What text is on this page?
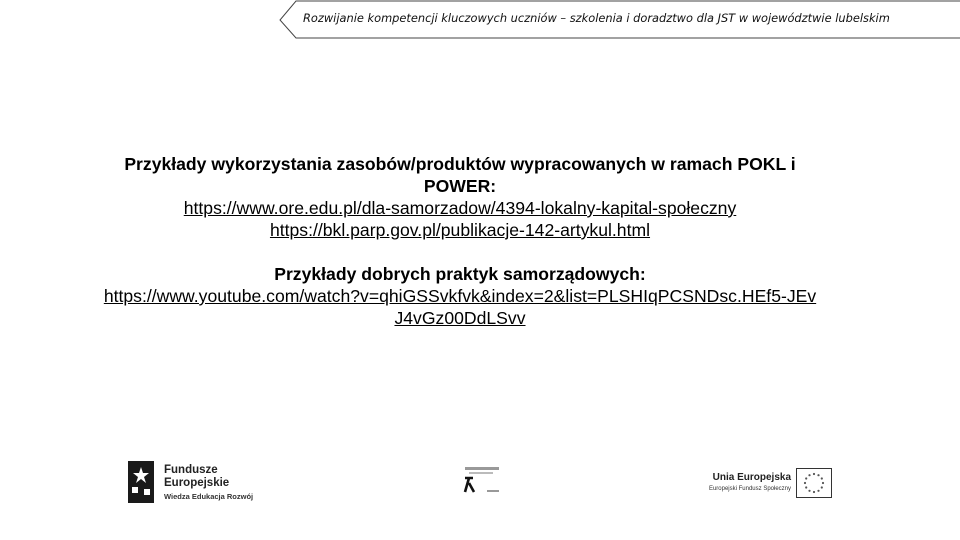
Rozwijanie kompetencji kluczowych uczniów – szkolenia i doradztwo dla JST w województwie lubelskim

Przykłady wykorzystania zasobów/produktów wypracowanych w ramach POKL i POWER:

https://www.ore.edu.pl/dla-samorzadow/4394-lokalny-kapital-społeczny
https://bkl.parp.gov.pl/publikacje-142-artykul.html

Przykłady dobrych praktyk samorządowych:

https://www.youtube.com/watch?v=qhiGSSvkfvk&index=2&list=PLSHIqPCSNDsc.HEf5-JEvJ4vGz00DdLSvv
Fundusze
Europejskie
Wiedza Edukacja Rozwój
Unia Europejska
Europejski Fundusz Społeczny
